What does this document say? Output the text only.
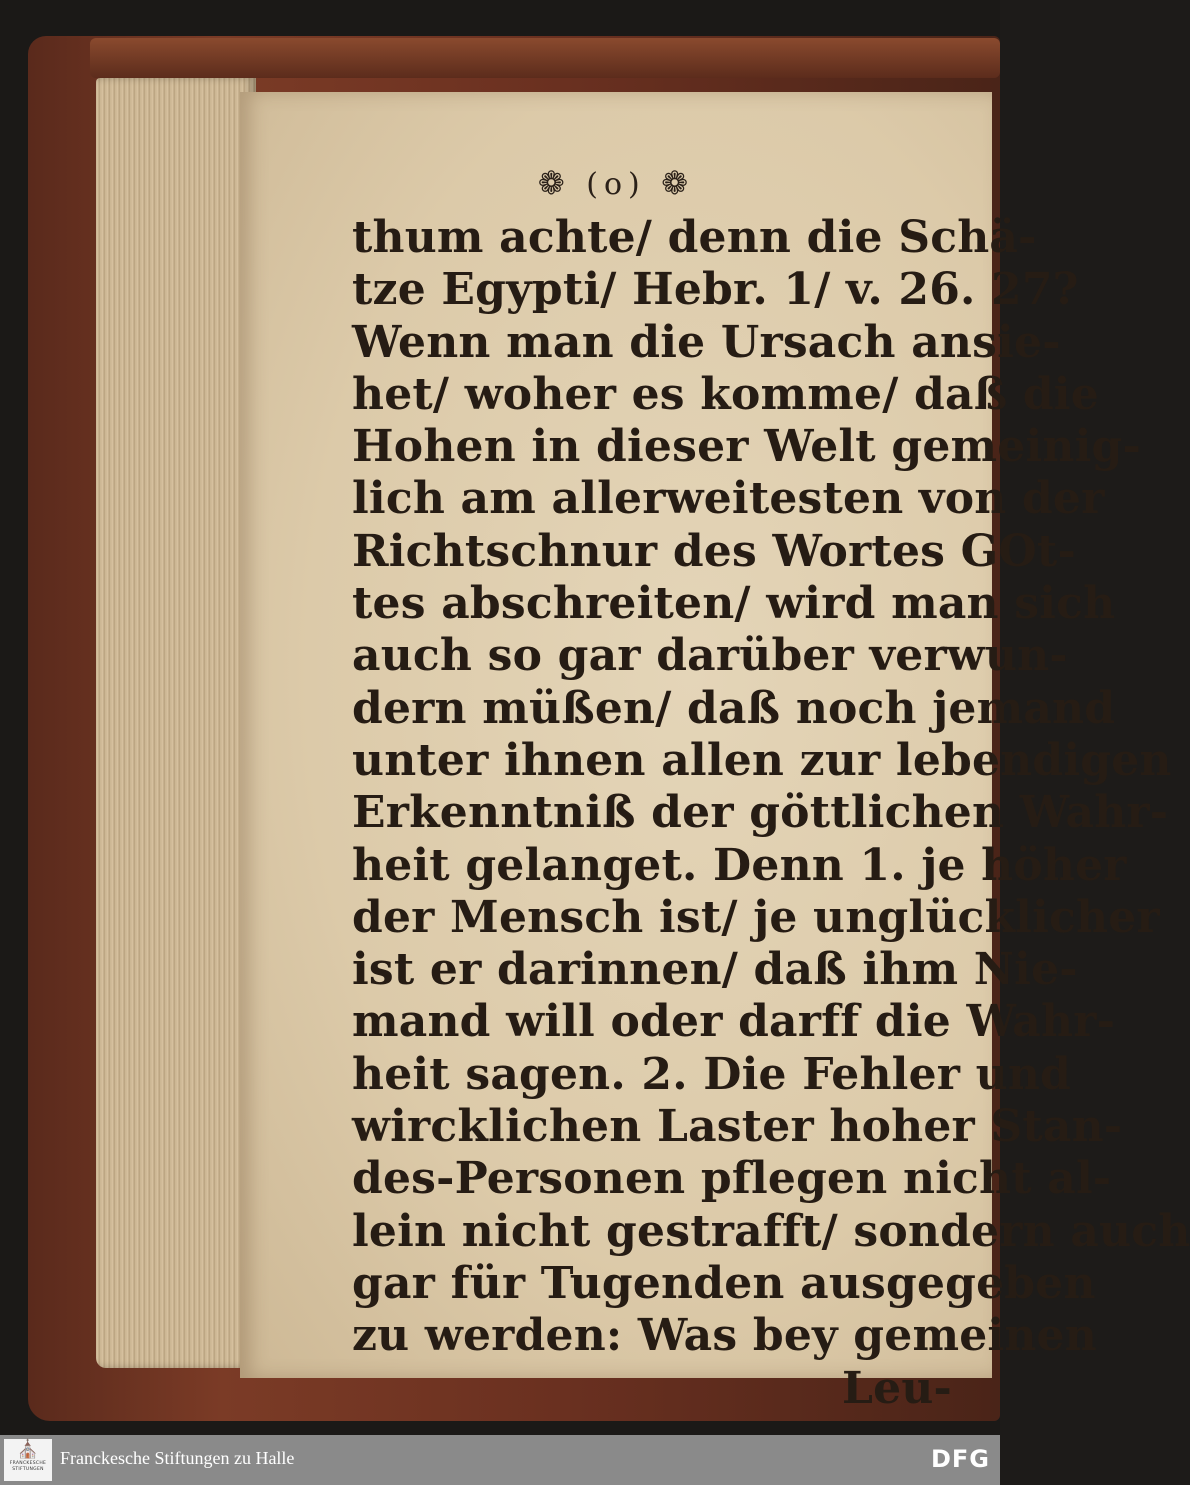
❁ (o) ❁
thum achte/ denn die Schä-
tze Egypti/ Hebr. 1/ v. 26. 27?
Wenn man die Ursach ansie-
het/ woher es komme/ daß die
Hohen in dieser Welt gemeinig-
lich am allerweitesten von der
Richtschnur des Wortes GOt-
tes abschreiten/ wird man sich
auch so gar darüber verwun-
dern müßen/ daß noch jemand
unter ihnen allen zur lebendigen
Erkenntniß der göttlichen Wahr-
heit gelanget. Denn 1. je höher
der Mensch ist/ je unglücklicher
ist er darinnen/ daß ihm Nie-
mand will oder darff die Wahr-
heit sagen. 2. Die Fehler und
wircklichen Laster hoher Stan-
des-Personen pflegen nicht al-
lein nicht gestrafft/ sondern auch
gar für Tugenden ausgegeben
zu werden: Was bey gemeinen
Leu-
⛪
FRANCKESCHE STIFTUNGEN
Franckesche Stiftungen zu Halle	DFG
